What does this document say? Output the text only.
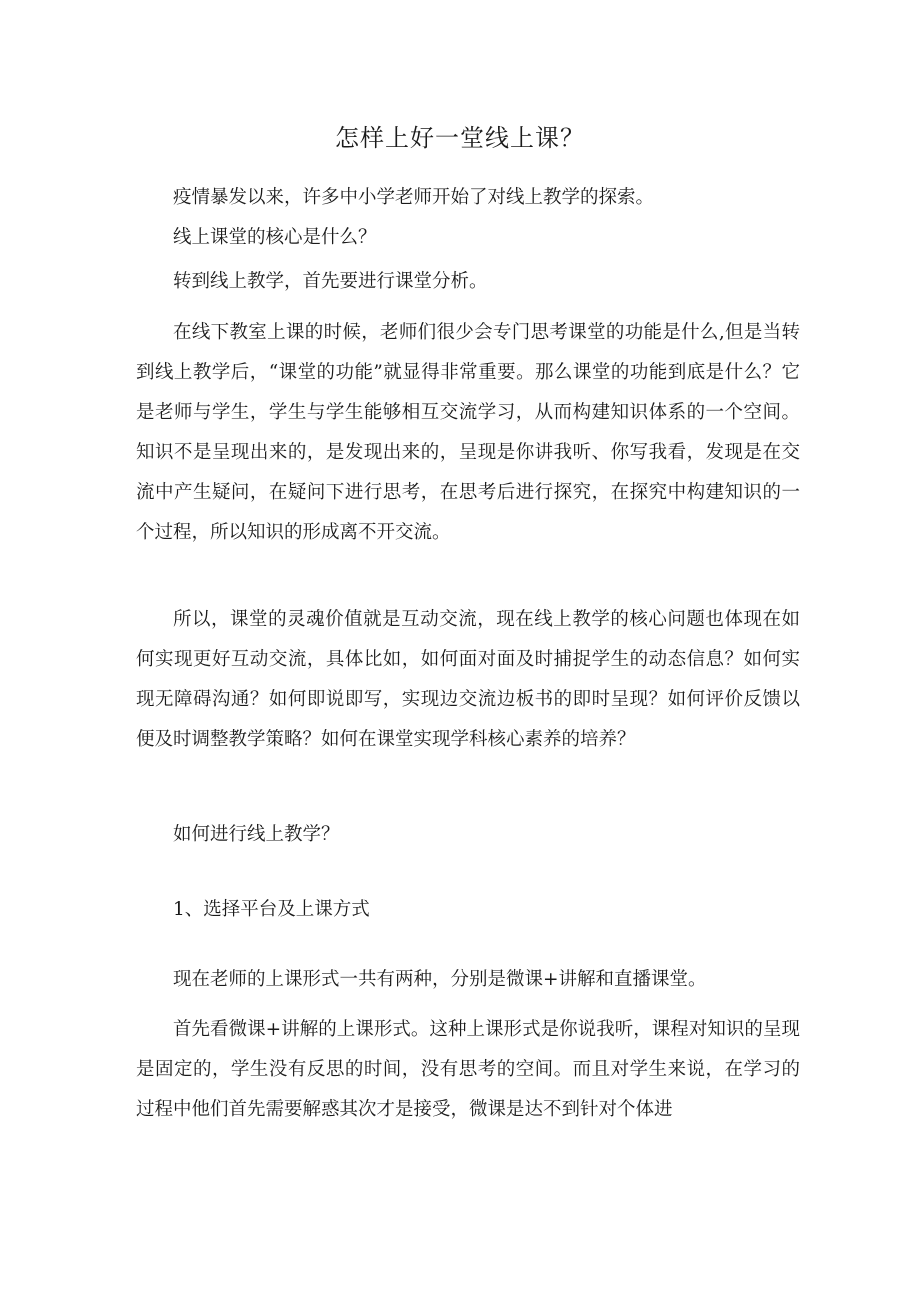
怎样上好一堂线上课？

疫情暴发以来，许多中小学老师开始了对线上教学的探索。

线上课堂的核心是什么？

转到线上教学，首先要进行课堂分析。

在线下教室上课的时候，老师们很少会专门思考课堂的功能是什么,但是当转到线上教学后，“课堂的功能”就显得非常重要。那么课堂的功能到底是什么？它是老师与学生，学生与学生能够相互交流学习，从而构建知识体系的一个空间。知识不是呈现出来的，是发现出来的，呈现是你讲我听、你写我看，发现是在交流中产生疑问，在疑问下进行思考，在思考后进行探究，在探究中构建知识的一个过程，所以知识的形成离不开交流。

所以，课堂的灵魂价值就是互动交流，现在线上教学的核心问题也体现在如何实现更好互动交流，具体比如，如何面对面及时捕捉学生的动态信息？如何实现无障碍沟通？如何即说即写，实现边交流边板书的即时呈现？如何评价反馈以便及时调整教学策略？如何在课堂实现学科核心素养的培养？

如何进行线上教学？

1、选择平台及上课方式

现在老师的上课形式一共有两种，分别是微课+讲解和直播课堂。

首先看微课+讲解的上课形式。这种上课形式是你说我听，课程对知识的呈现是固定的，学生没有反思的时间，没有思考的空间。而且对学生来说，在学习的过程中他们首先需要解惑其次才是接受，微课是达不到针对个体进
